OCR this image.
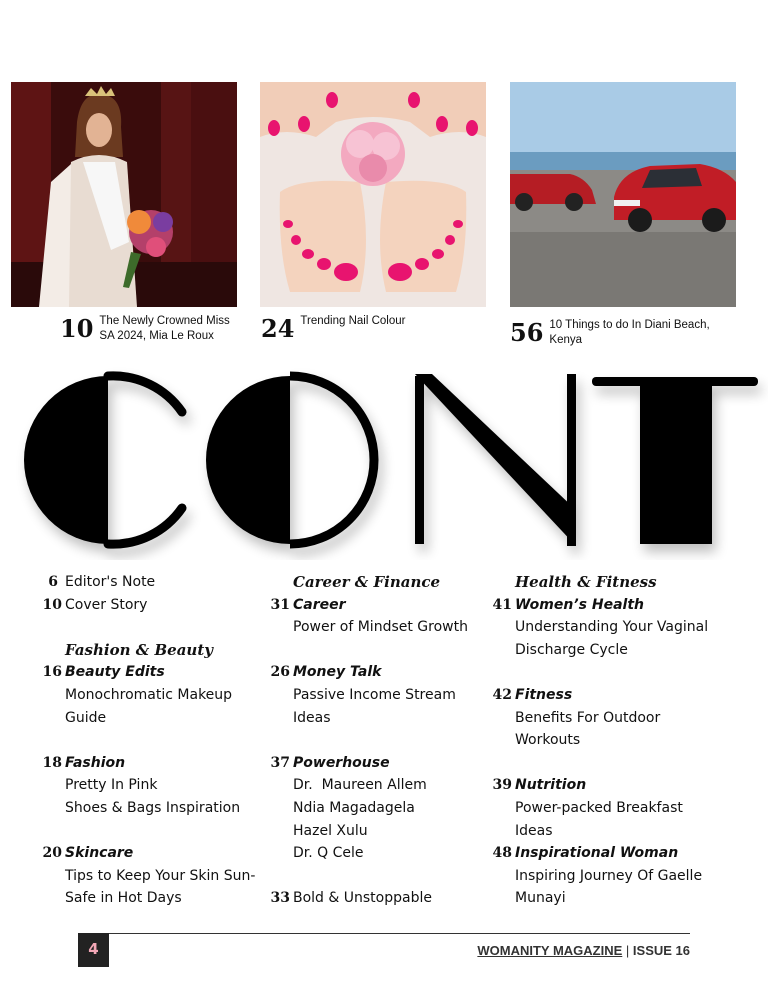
10 The Newly Crowned Miss SA 2024, Mia Le Roux	24 Trending Nail Colour	56 10 Things to do In Diani Beach, Kenya
6 Editor's Note
10 Cover Story
Fashion & Beauty
16 Beauty Edits
Monochromatic Makeup
Guide
18 Fashion
Pretty In Pink
Shoes & Bags Inspiration
20 Skincare
Tips to Keep Your Skin Sun-
Safe in Hot Days
Career & Finance
31 Career
Power of Mindset Growth
26 Money Talk
Passive Income Stream
Ideas
37 Powerhouse
Dr.  Maureen Allem
Ndia Magadagela
Hazel Xulu
Dr. Q Cele
33 Bold & Unstoppable
Health & Fitness
41 Women’s Health
Understanding Your Vaginal
Discharge Cycle
42 Fitness
Benefits For Outdoor
Workouts
39 Nutrition
Power-packed Breakfast
Ideas
48 Inspirational Woman
Inspiring Journey Of Gaelle
Munayi
4	WOMANITY MAGAZINE | ISSUE 16
